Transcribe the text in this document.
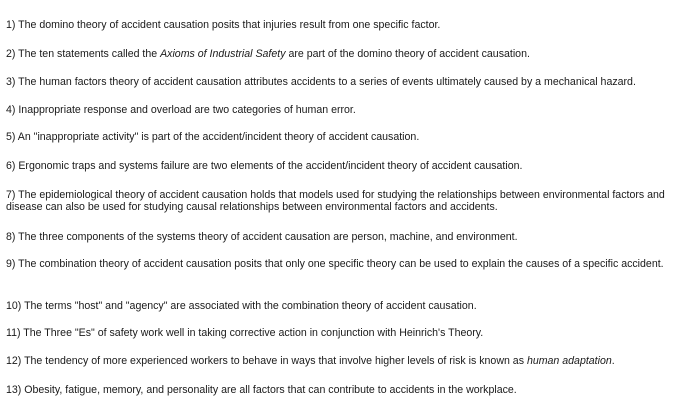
1) The domino theory of accident causation posits that injuries result from one specific factor.

2) The ten statements called the Axioms of Industrial Safety are part of the domino theory of accident causation.

3) The human factors theory of accident causation attributes accidents to a series of events ultimately caused by a mechanical hazard.

4) Inappropriate response and overload are two categories of human error.

5) An "inappropriate activity" is part of the accident/incident theory of accident causation.

6) Ergonomic traps and systems failure are two elements of the accident/incident theory of accident causation.

7) The epidemiological theory of accident causation holds that models used for studying the relationships between environmental factors and disease can also be used for studying causal relationships between environmental factors and accidents.

8) The three components of the systems theory of accident causation are person, machine, and environment.

9) The combination theory of accident causation posits that only one specific theory can be used to explain the causes of a specific accident.

10) The terms "host" and "agency" are associated with the combination theory of accident causation.

11) The Three "Es" of safety work well in taking corrective action in conjunction with Heinrich's Theory.

12) The tendency of more experienced workers to behave in ways that involve higher levels of risk is known as human adaptation.

13) Obesity, fatigue, memory, and personality are all factors that can contribute to accidents in the workplace.
